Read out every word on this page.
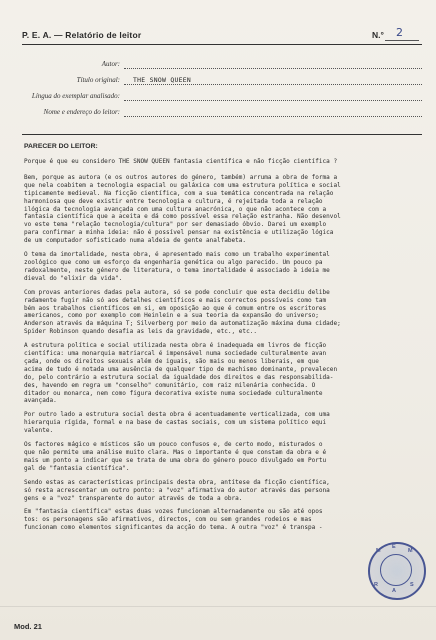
P. E. A. — Relatório de leitor	N.° 2
Autor:
Título original: THE SNOW QUEEN
Língua do exemplar analisado:
Nome e endereço do leitor:
PARECER DO LEITOR:

Porque é que eu considero THE SNOW QUEEN fantasia científica e não ficção científica ?

Bem, porque as autora (e os outros autores do género, também) arruma a obra de forma a
que nela coabitem a tecnologia espacial ou galáxica com uma estrutura política e social
tipicamente medieval. Na ficção científica, com a sua temática concentrada na relação
harmoniosa que deve existir entre tecnologia e cultura, é rejeitada toda a relação
ilógica da tecnologia avançada com uma cultura anacrónica, o que não acontece com a
fantasia científica que a aceita e dá como possível essa relação estranha. Não desenvol
vo este tema "relação tecnologia/cultura" por ser demasiado óbvio. Darei um exemplo
para confirmar a minha ideia: não é possível pensar na existência e utilização lógica
de um computador sofisticado numa aldeia de gente analfabeta.

O tema da imortalidade, nesta obra, é apresentado mais como um trabalho experimental
zoológico que como um esforço da engenharia genética ou algo parecido. Um pouco pa
radoxalmente, neste género de literatura, o tema imortalidade é associado à ideia me
dieval do "elixir da vida".

Com provas anteriores dadas pela autora, só se pode concluir que esta decidiu delibe
radamente fugir não só aos detalhes científicos e mais correctos possíveis como tam
bém aos trabalhos científicos em si, em oposição ao que é comum entre os escritores
americanos, como por exemplo com Heinlein e a sua teoria da expansão do universo;
Anderson através da máquina T; Silverberg por meio da automatização máxima duma cidade;
Spider Robinson quando desafia as leis da gravidade, etc., etc..

A estrutura política e social utilizada nesta obra é inadequada em livros de ficção
científica: uma monarquia matriarcal é impensável numa sociedade culturalmente avan
çada, onde os direitos sexuais além de iguais, são mais ou menos liberais, em que
acima de tudo é notada uma ausência de qualquer tipo de machismo dominante, prevalecen
do, pelo contrário a estrutura social da igualdade dos direitos e das responsabilida-
des, havendo em regra um "conselho" comunitário, com raiz milenária conhecida. O
ditador ou monarca, nem como figura decorativa existe numa sociedade culturalmente
avançada.

Por outro lado a estrutura social desta obra é acentuadamente verticalizada, com uma
hierarquia rígida, formal e na base de castas sociais, com um sistema político equi
valente.

Os factores mágico e místicos são um pouco confusos e, de certo modo, misturados o
que não permite uma análise muito clara. Mas o importante é que constam da obra e é
mais um ponto a indicar que se trata de uma obra do género pouco divulgado em Portu
gal de "fantasia científica".

Sendo estas as características principais desta obra, antítese da ficção científica,
só resta acrescentar um outro ponto: a "voz" afirmativa do autor através das persona
gens e a "voz" transparente do autor através de toda a obra.

Em "fantasia científica" estas duas vozes funcionam alternadamente ou são até opos
tos: os personagens são afirmativos, directos, com ou sem grandes rodeios e mas
funcionam como elementos significantes da acção do tema. A outra "voz" é transpa -

M
E
M
R
A
S
Mod. 21
